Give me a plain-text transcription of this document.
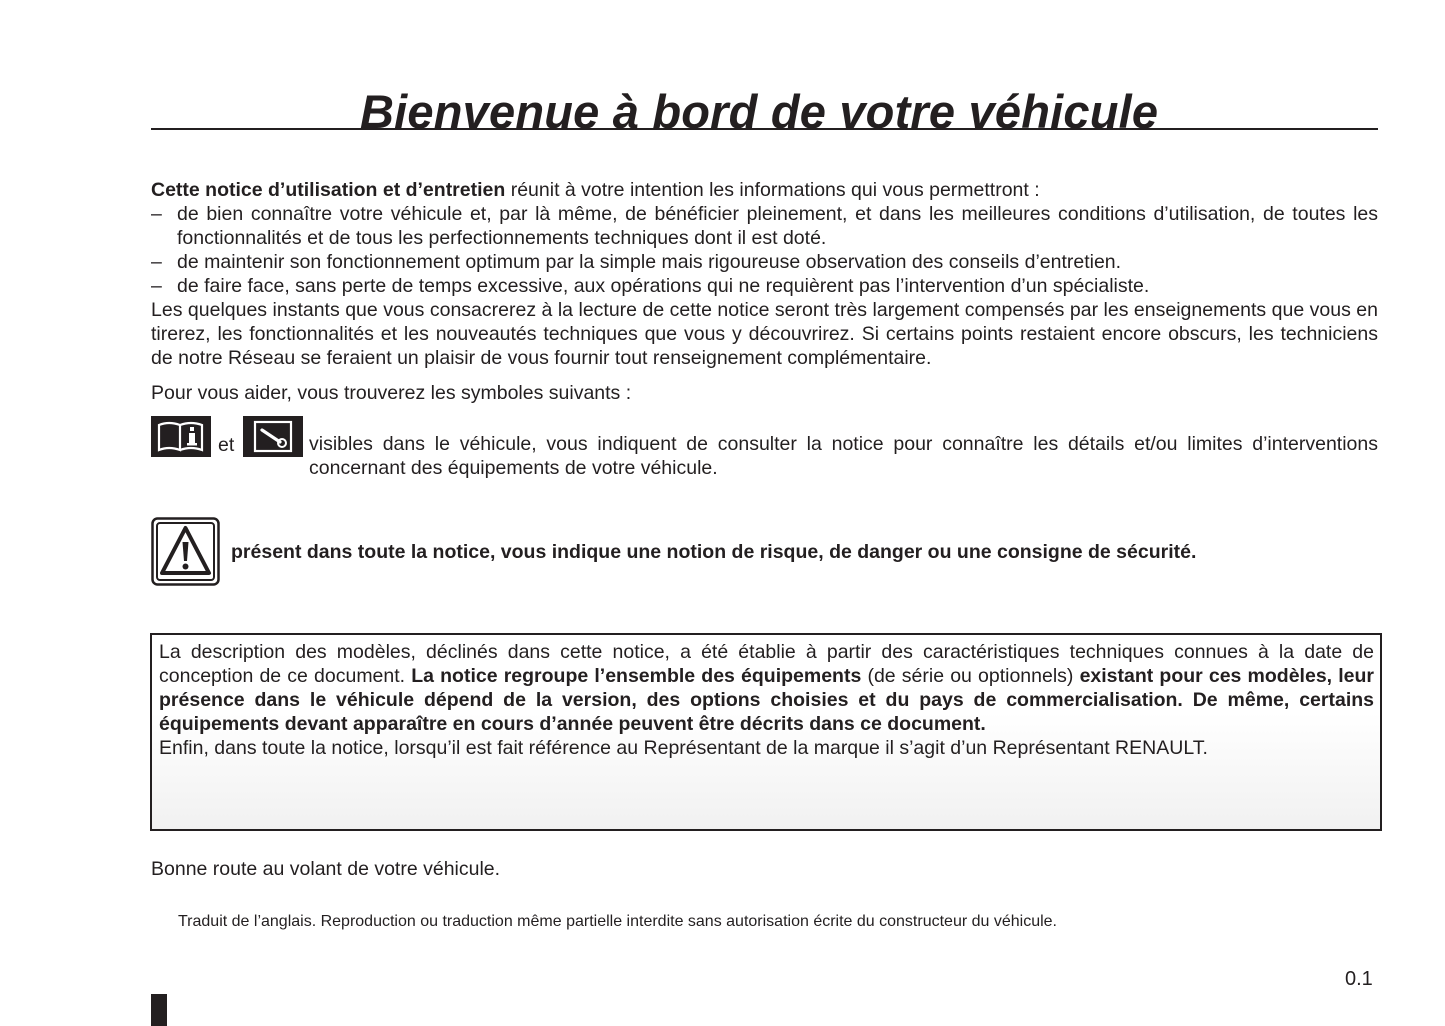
Bienvenue à bord de votre véhicule

Cette notice d’utilisation et d’entretien réunit à votre intention les informations qui vous permettront :

– de bien connaître votre véhicule et, par là même, de bénéficier pleinement, et dans les meilleures conditions d’utilisation, de toutes les fonctionnalités et de tous les perfectionnements techniques dont il est doté.
– de maintenir son fonctionnement optimum par la simple mais rigoureuse observation des conseils d’entretien.
– de faire face, sans perte de temps excessive, aux opérations qui ne requièrent pas l’intervention d’un spécialiste.

Les quelques instants que vous consacrerez à la lecture de cette notice seront très largement compensés par les enseignements que vous en tirerez, les fonctionnalités et les nouveautés techniques que vous y découvrirez. Si certains points restaient encore obscurs, les techniciens de notre Réseau se feraient un plaisir de vous fournir tout renseignement complémentaire.

Pour vous aider, vous trouverez les symboles suivants :
et	visibles dans le véhicule, vous indiquent de consulter la notice pour connaître les détails et/ou limites d’interventions concernant des équipements de votre véhicule.
présent dans toute la notice, vous indique une notion de risque, de danger ou une consigne de sécurité.

La description des modèles, déclinés dans cette notice, a été établie à partir des caractéristiques techniques connues à la date de conception de ce document. La notice regroupe l’ensemble des équipements (de série ou optionnels) existant pour ces modèles, leur présence dans le véhicule dépend de la version, des options choisies et du pays de commercialisation. De même, certains équipements devant apparaître en cours d’année peuvent être décrits dans ce document.

Enfin, dans toute la notice, lorsqu’il est fait référence au Représentant de la marque il s’agit d’un Représentant RENAULT.

Bonne route au volant de votre véhicule.
Traduit de l’anglais. Reproduction ou traduction même partielle interdite sans autorisation écrite du constructeur du véhicule.
0.1
